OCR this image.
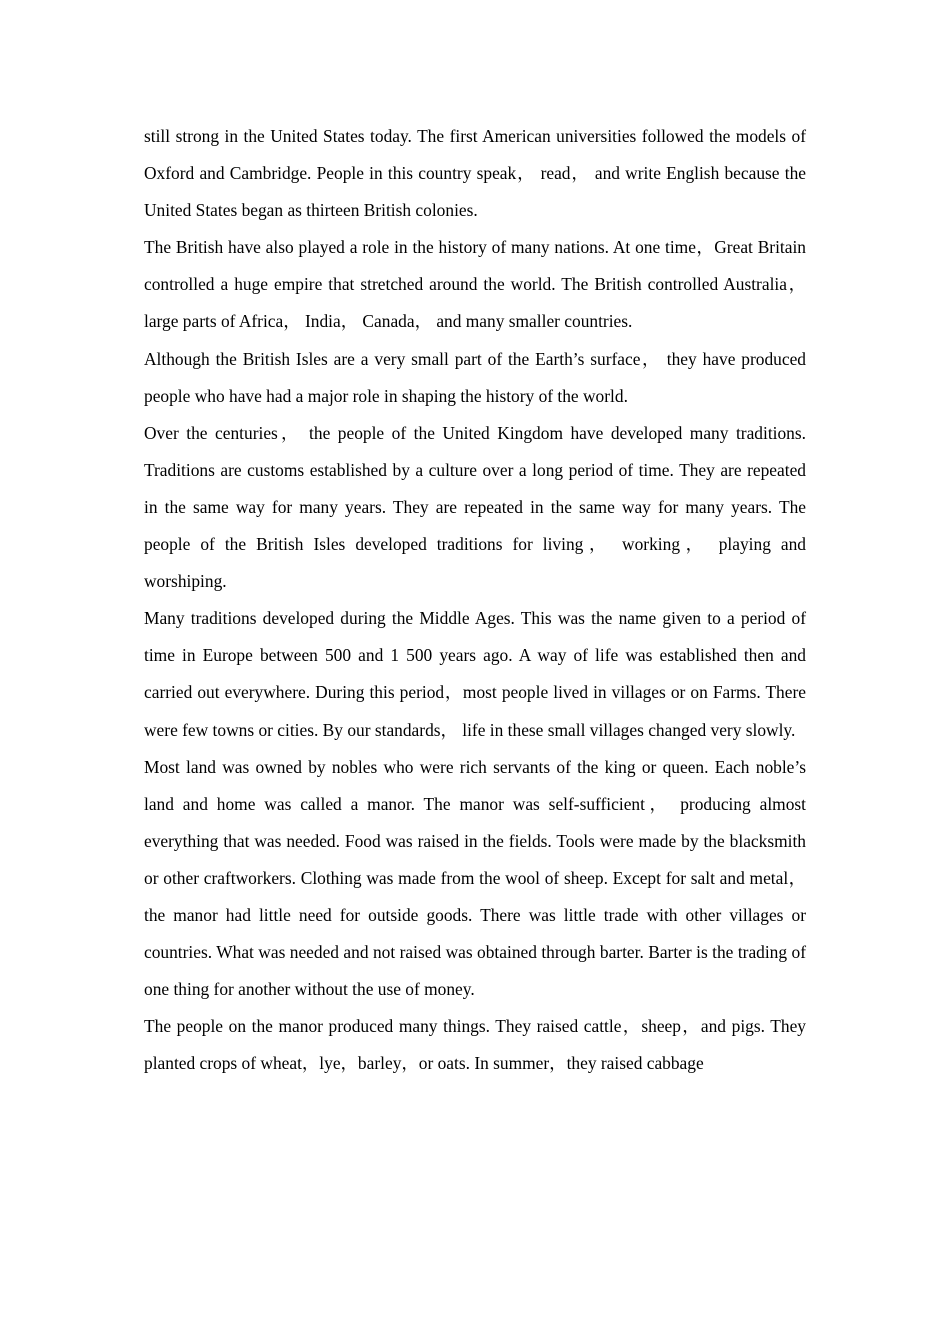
still strong in the United States today. The first American universities followed the models of Oxford and Cambridge. People in this country speak， read， and write English because the United States began as thirteen British colonies.

The British have also played a role in the history of many nations. At one time，Great Britain controlled a huge empire that stretched around the world. The British controlled Australia， large parts of Africa， India， Canada， and many smaller countries.

Although the British Isles are a very small part of the Earth’s surface， they have produced people who have had a major role in shaping the history of the world.

Over the centuries， the people of the United Kingdom have developed many traditions. Traditions are customs established by a culture over a long period of time. They are repeated in the same way for many years. They are repeated in the same way for many years. The people of the British Isles developed traditions for living， working， playing and worshiping.

Many traditions developed during the Middle Ages. This was the name given to a period of time in Europe between 500 and 1 500 years ago. A way of life was established then and carried out everywhere. During this period，most people lived in villages or on Farms. There were few towns or cities. By our standards， life in these small villages changed very slowly.

Most land was owned by nobles who were rich servants of the king or queen. Each noble’s land and home was called a manor. The manor was self-sufficient， producing almost everything that was needed. Food was raised in the fields. Tools were made by the blacksmith or other craftworkers. Clothing was made from the wool of sheep. Except for salt and metal， the manor had little need for outside goods. There was little trade with other villages or countries. What was needed and not raised was obtained through barter. Barter is the trading of one thing for another without the use of money.

The people on the manor produced many things. They raised cattle，sheep，and pigs. They planted crops of wheat，lye，barley，or oats. In summer，they raised cabbage
